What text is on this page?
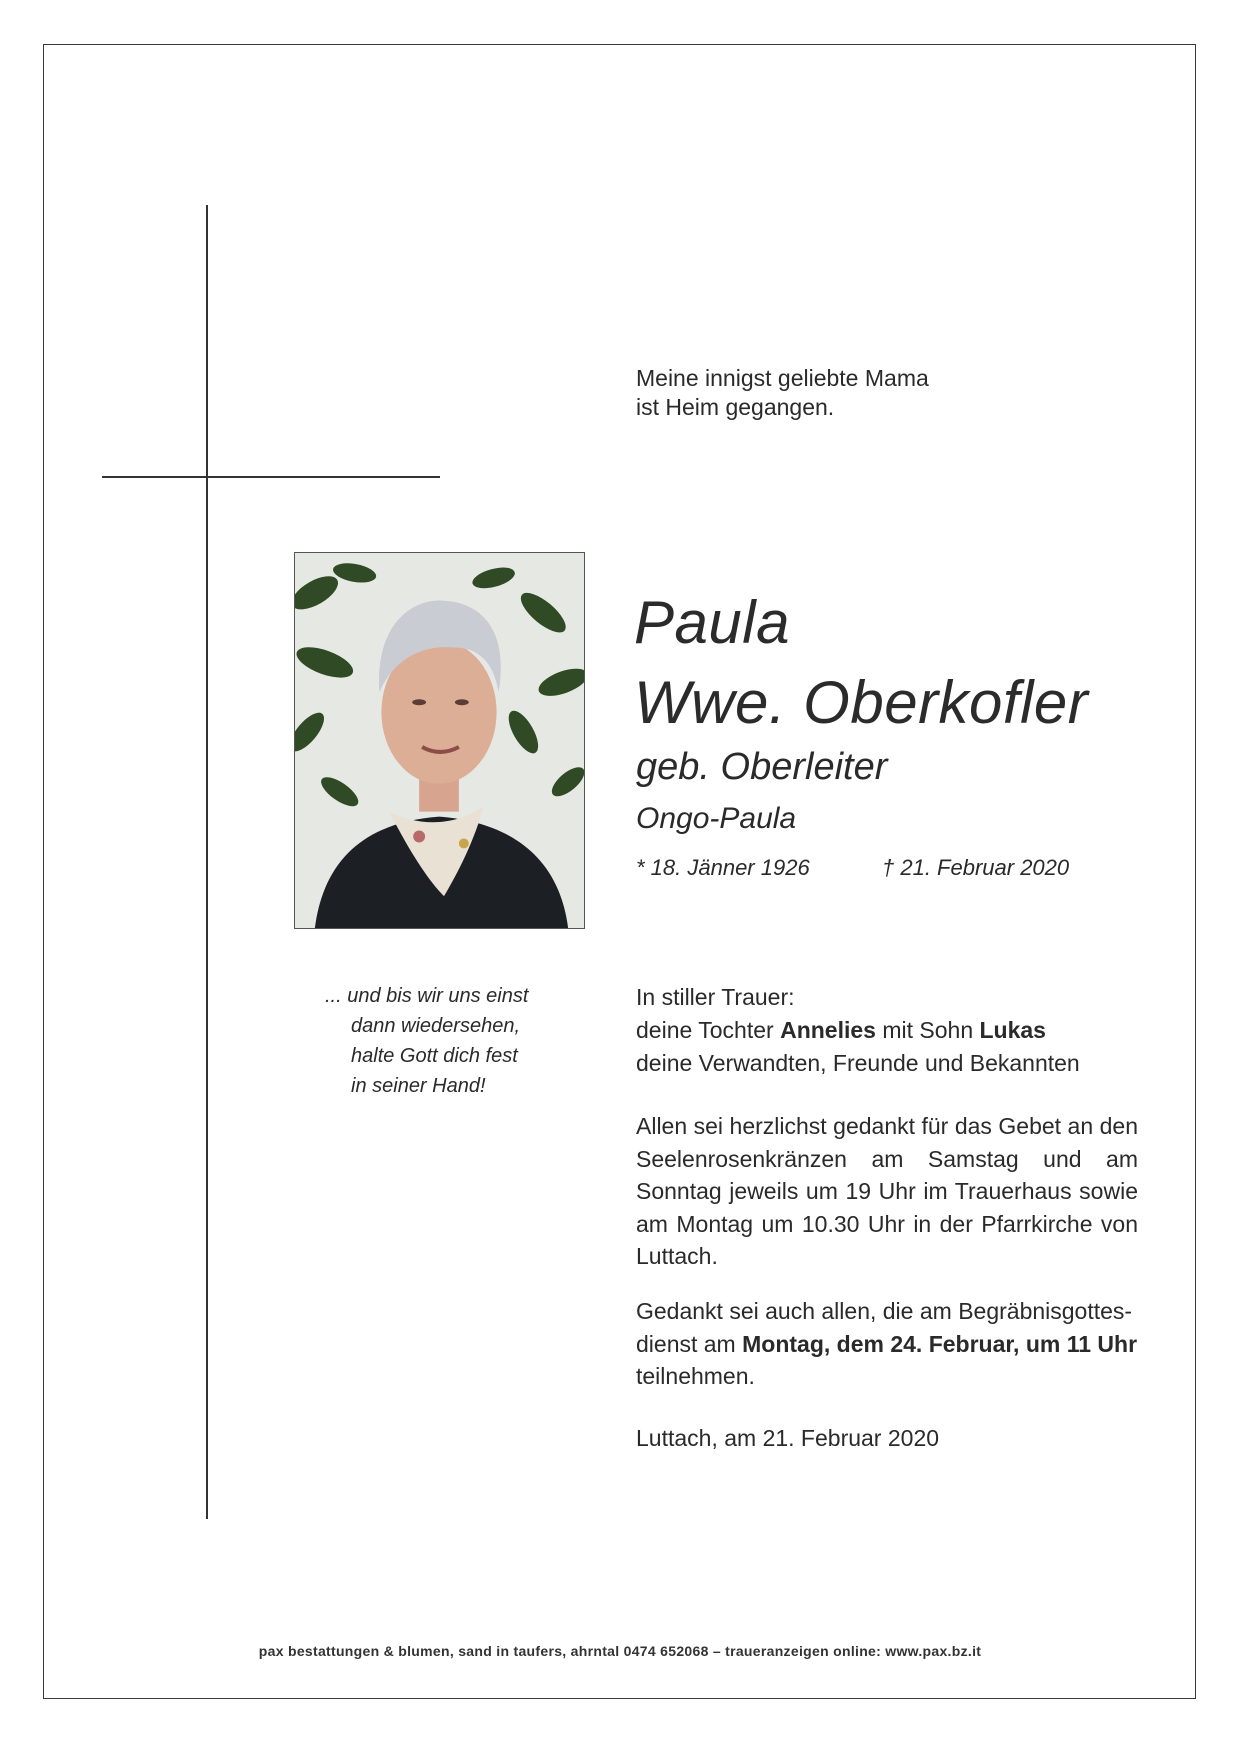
Meine innigst geliebte Mama
ist Heim gegangen.
Paula
Wwe. Oberkofler
geb. Oberleiter
Ongo-Paula
* 18. Jänner 1926	† 21. Februar 2020
... und bis wir uns einst
dann wiedersehen,
halte Gott dich fest
in seiner Hand!
In stiller Trauer:
deine Tochter Annelies mit Sohn Lukas
deine Verwandten, Freunde und Bekannten
Allen sei herzlichst gedankt für das Gebet an den Seelenrosenkränzen am Samstag und am Sonntag jeweils um 19 Uhr im Trauerhaus sowie am Montag um 10.30 Uhr in der Pfarrkirche von Luttach.
Gedankt sei auch allen, die am Begräbnisgottes-
dienst am Montag, dem 24. Februar, um 11 Uhr
teilnehmen.
Luttach, am 21. Februar 2020
pax bestattungen & blumen, sand in taufers, ahrntal 0474 652068 – traueranzeigen online: www.pax.bz.it
